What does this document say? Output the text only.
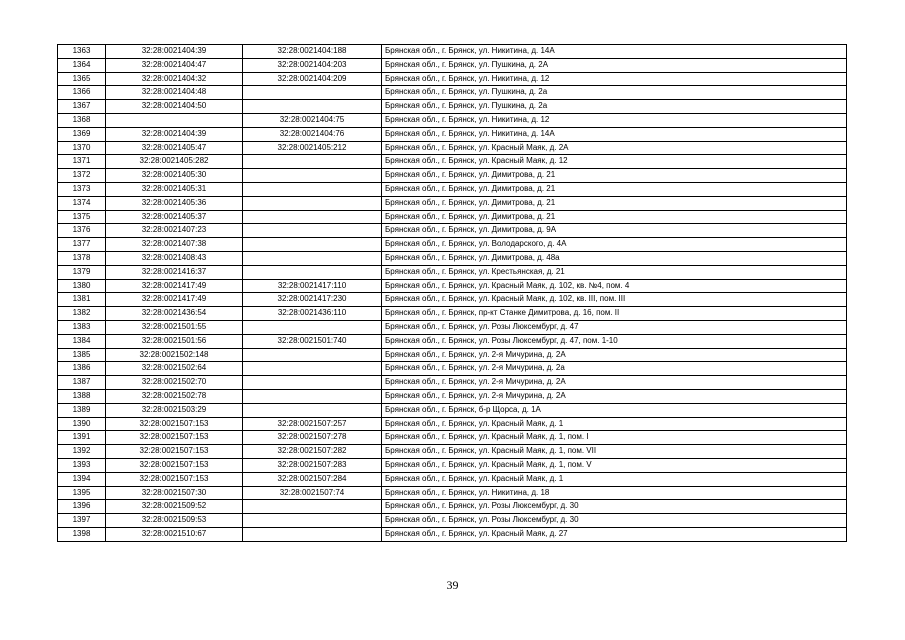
1363	32:28:0021404:39	32:28:0021404:188	Брянская обл., г. Брянск, ул. Никитина, д. 14А
1364	32:28:0021404:47	32:28:0021404:203	Брянская обл., г. Брянск, ул. Пушкина, д. 2А
1365	32:28:0021404:32	32:28:0021404:209	Брянская обл., г. Брянск, ул. Никитина, д. 12
1366	32:28:0021404:48		Брянская обл., г. Брянск, ул. Пушкина, д. 2а
1367	32:28:0021404:50		Брянская обл., г. Брянск, ул. Пушкина, д. 2а
1368		32:28:0021404:75	Брянская обл., г. Брянск, ул. Никитина, д. 12
1369	32:28:0021404:39	32:28:0021404:76	Брянская обл., г. Брянск, ул. Никитина, д. 14А
1370	32:28:0021405:47	32:28:0021405:212	Брянская обл., г. Брянск, ул. Красный Маяк, д. 2А
1371	32:28:0021405:282		Брянская обл., г. Брянск, ул. Красный Маяк, д. 12
1372	32:28:0021405:30		Брянская обл., г. Брянск, ул. Димитрова, д. 21
1373	32:28:0021405:31		Брянская обл., г. Брянск, ул. Димитрова, д. 21
1374	32:28:0021405:36		Брянская обл., г. Брянск, ул. Димитрова, д. 21
1375	32:28:0021405:37		Брянская обл., г. Брянск, ул. Димитрова, д. 21
1376	32:28:0021407:23		Брянская обл., г. Брянск, ул. Димитрова, д. 9А
1377	32:28:0021407:38		Брянская обл., г. Брянск, ул. Володарского, д. 4А
1378	32:28:0021408:43		Брянская обл., г. Брянск, ул. Димитрова, д. 48а
1379	32:28:0021416:37		Брянская обл., г. Брянск, ул. Крестьянская, д. 21
1380	32:28:0021417:49	32:28:0021417:110	Брянская обл., г. Брянск, ул. Красный Маяк, д. 102, кв. №4, пом. 4
1381	32:28:0021417:49	32:28:0021417:230	Брянская обл., г. Брянск, ул. Красный Маяк, д. 102, кв. III, пом. III
1382	32:28:0021436:54	32:28:0021436:110	Брянская обл., г. Брянск, пр-кт Станке Димитрова, д. 16, пом. II
1383	32:28:0021501:55		Брянская обл., г. Брянск, ул. Розы Люксембург, д. 47
1384	32:28:0021501:56	32:28:0021501:740	Брянская обл., г. Брянск, ул. Розы Люксембург, д. 47, пом. 1-10
1385	32:28:0021502:148		Брянская обл., г. Брянск, ул. 2-я Мичурина, д. 2А
1386	32:28:0021502:64		Брянская обл., г. Брянск, ул. 2-я Мичурина, д. 2а
1387	32:28:0021502:70		Брянская обл., г. Брянск, ул. 2-я Мичурина, д. 2А
1388	32:28:0021502:78		Брянская обл., г. Брянск, ул. 2-я Мичурина, д. 2А
1389	32:28:0021503:29		Брянская обл., г. Брянск, б-р Щорса, д. 1А
1390	32:28:0021507:153	32:28:0021507:257	Брянская обл., г. Брянск, ул. Красный Маяк, д. 1
1391	32:28:0021507:153	32:28:0021507:278	Брянская обл., г. Брянск, ул. Красный Маяк, д. 1, пом. I
1392	32:28:0021507:153	32:28:0021507:282	Брянская обл., г. Брянск, ул. Красный Маяк, д. 1, пом. VII
1393	32:28:0021507:153	32:28:0021507:283	Брянская обл., г. Брянск, ул. Красный Маяк, д. 1, пом. V
1394	32:28:0021507:153	32:28:0021507:284	Брянская обл., г. Брянск, ул. Красный Маяк, д. 1
1395	32:28:0021507:30	32:28:0021507:74	Брянская обл., г. Брянск, ул. Никитина, д. 18
1396	32:28:0021509:52		Брянская обл., г. Брянск, ул. Розы Люксембург, д. 30
1397	32:28:0021509:53		Брянская обл., г. Брянск, ул. Розы Люксембург, д. 30
1398	32:28:0021510:67		Брянская обл., г. Брянск, ул. Красный Маяк, д. 27
39
